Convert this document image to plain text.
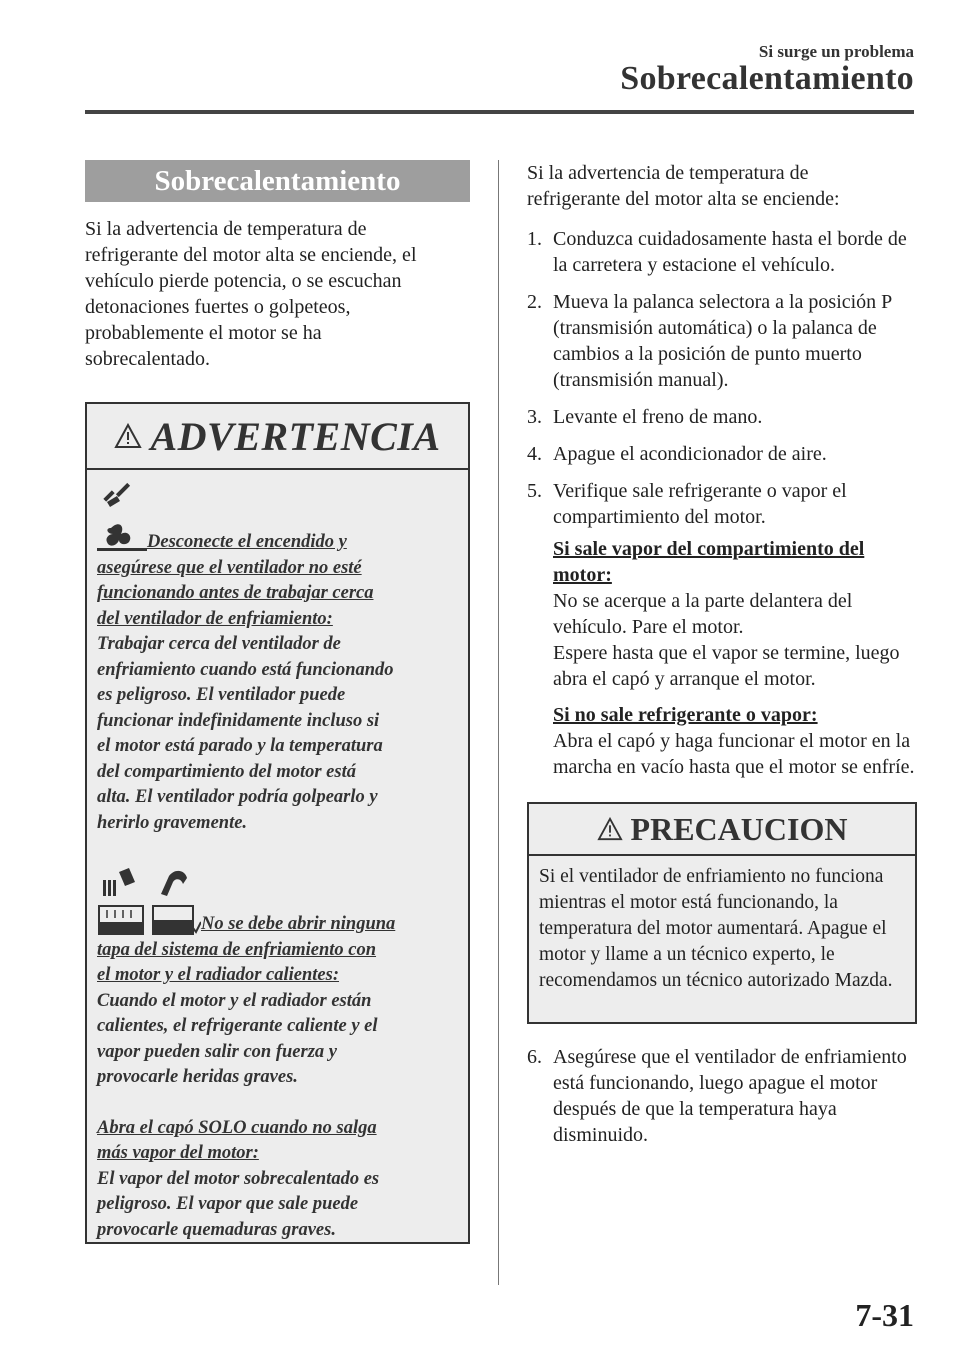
Si surge un problema
Sobrecalentamiento
Sobrecalentamiento

Si la advertencia de temperatura de
refrigerante del motor alta se enciende, el
vehículo pierde potencia, o se escuchan
detonaciones fuertes o golpeteos,
probablemente el motor se ha
sobrecalentado.

ADVERTENCIA
Desconecte el encendido y
asegúrese que el ventilador no esté
funcionando antes de trabajar cerca
del ventilador de enfriamiento:
Trabajar cerca del ventilador de
enfriamiento cuando está funcionando
es peligroso. El ventilador puede
funcionar indefinidamente incluso si
el motor está parado y la temperatura
del compartimiento del motor está
alta. El ventilador podría golpearlo y
herirlo gravemente.
No se debe abrir ninguna
tapa del sistema de enfriamiento con
el motor y el radiador calientes:
Cuando el motor y el radiador están
calientes, el refrigerante caliente y el
vapor pueden salir con fuerza y
provocarle heridas graves.
Abra el capó SOLO cuando no salga
más vapor del motor:
El vapor del motor sobrecalentado es
peligroso. El vapor que sale puede
provocarle quemaduras graves.

Si la advertencia de temperatura de
refrigerante del motor alta se enciende:

1. Conduzca cuidadosamente hasta el borde de la carretera y estacione el vehículo.
2. Mueva la palanca selectora a la posición P (transmisión automática) o la palanca de cambios a la posición de punto muerto (transmisión manual).
3. Levante el freno de mano.
4. Apague el acondicionador de aire.
5. Verifique sale refrigerante o vapor el compartimiento del motor.
Si sale vapor del compartimiento del motor:

No se acerque a la parte delantera del vehículo. Pare el motor.

Espere hasta que el vapor se termine, luego abra el capó y arranque el motor.

Si no sale refrigerante o vapor:

Abra el capó y haga funcionar el motor en la marcha en vacío hasta que el motor se enfríe.

PRECAUCION
Si el ventilador de enfriamiento no funciona mientras el motor está funcionando, la temperatura del motor aumentará. Apague el motor y llame a un técnico experto, le recomendamos un técnico autorizado Mazda.
6. Asegúrese que el ventilador de enfriamiento está funcionando, luego apague el motor después de que la temperatura haya disminuido.
7-31
